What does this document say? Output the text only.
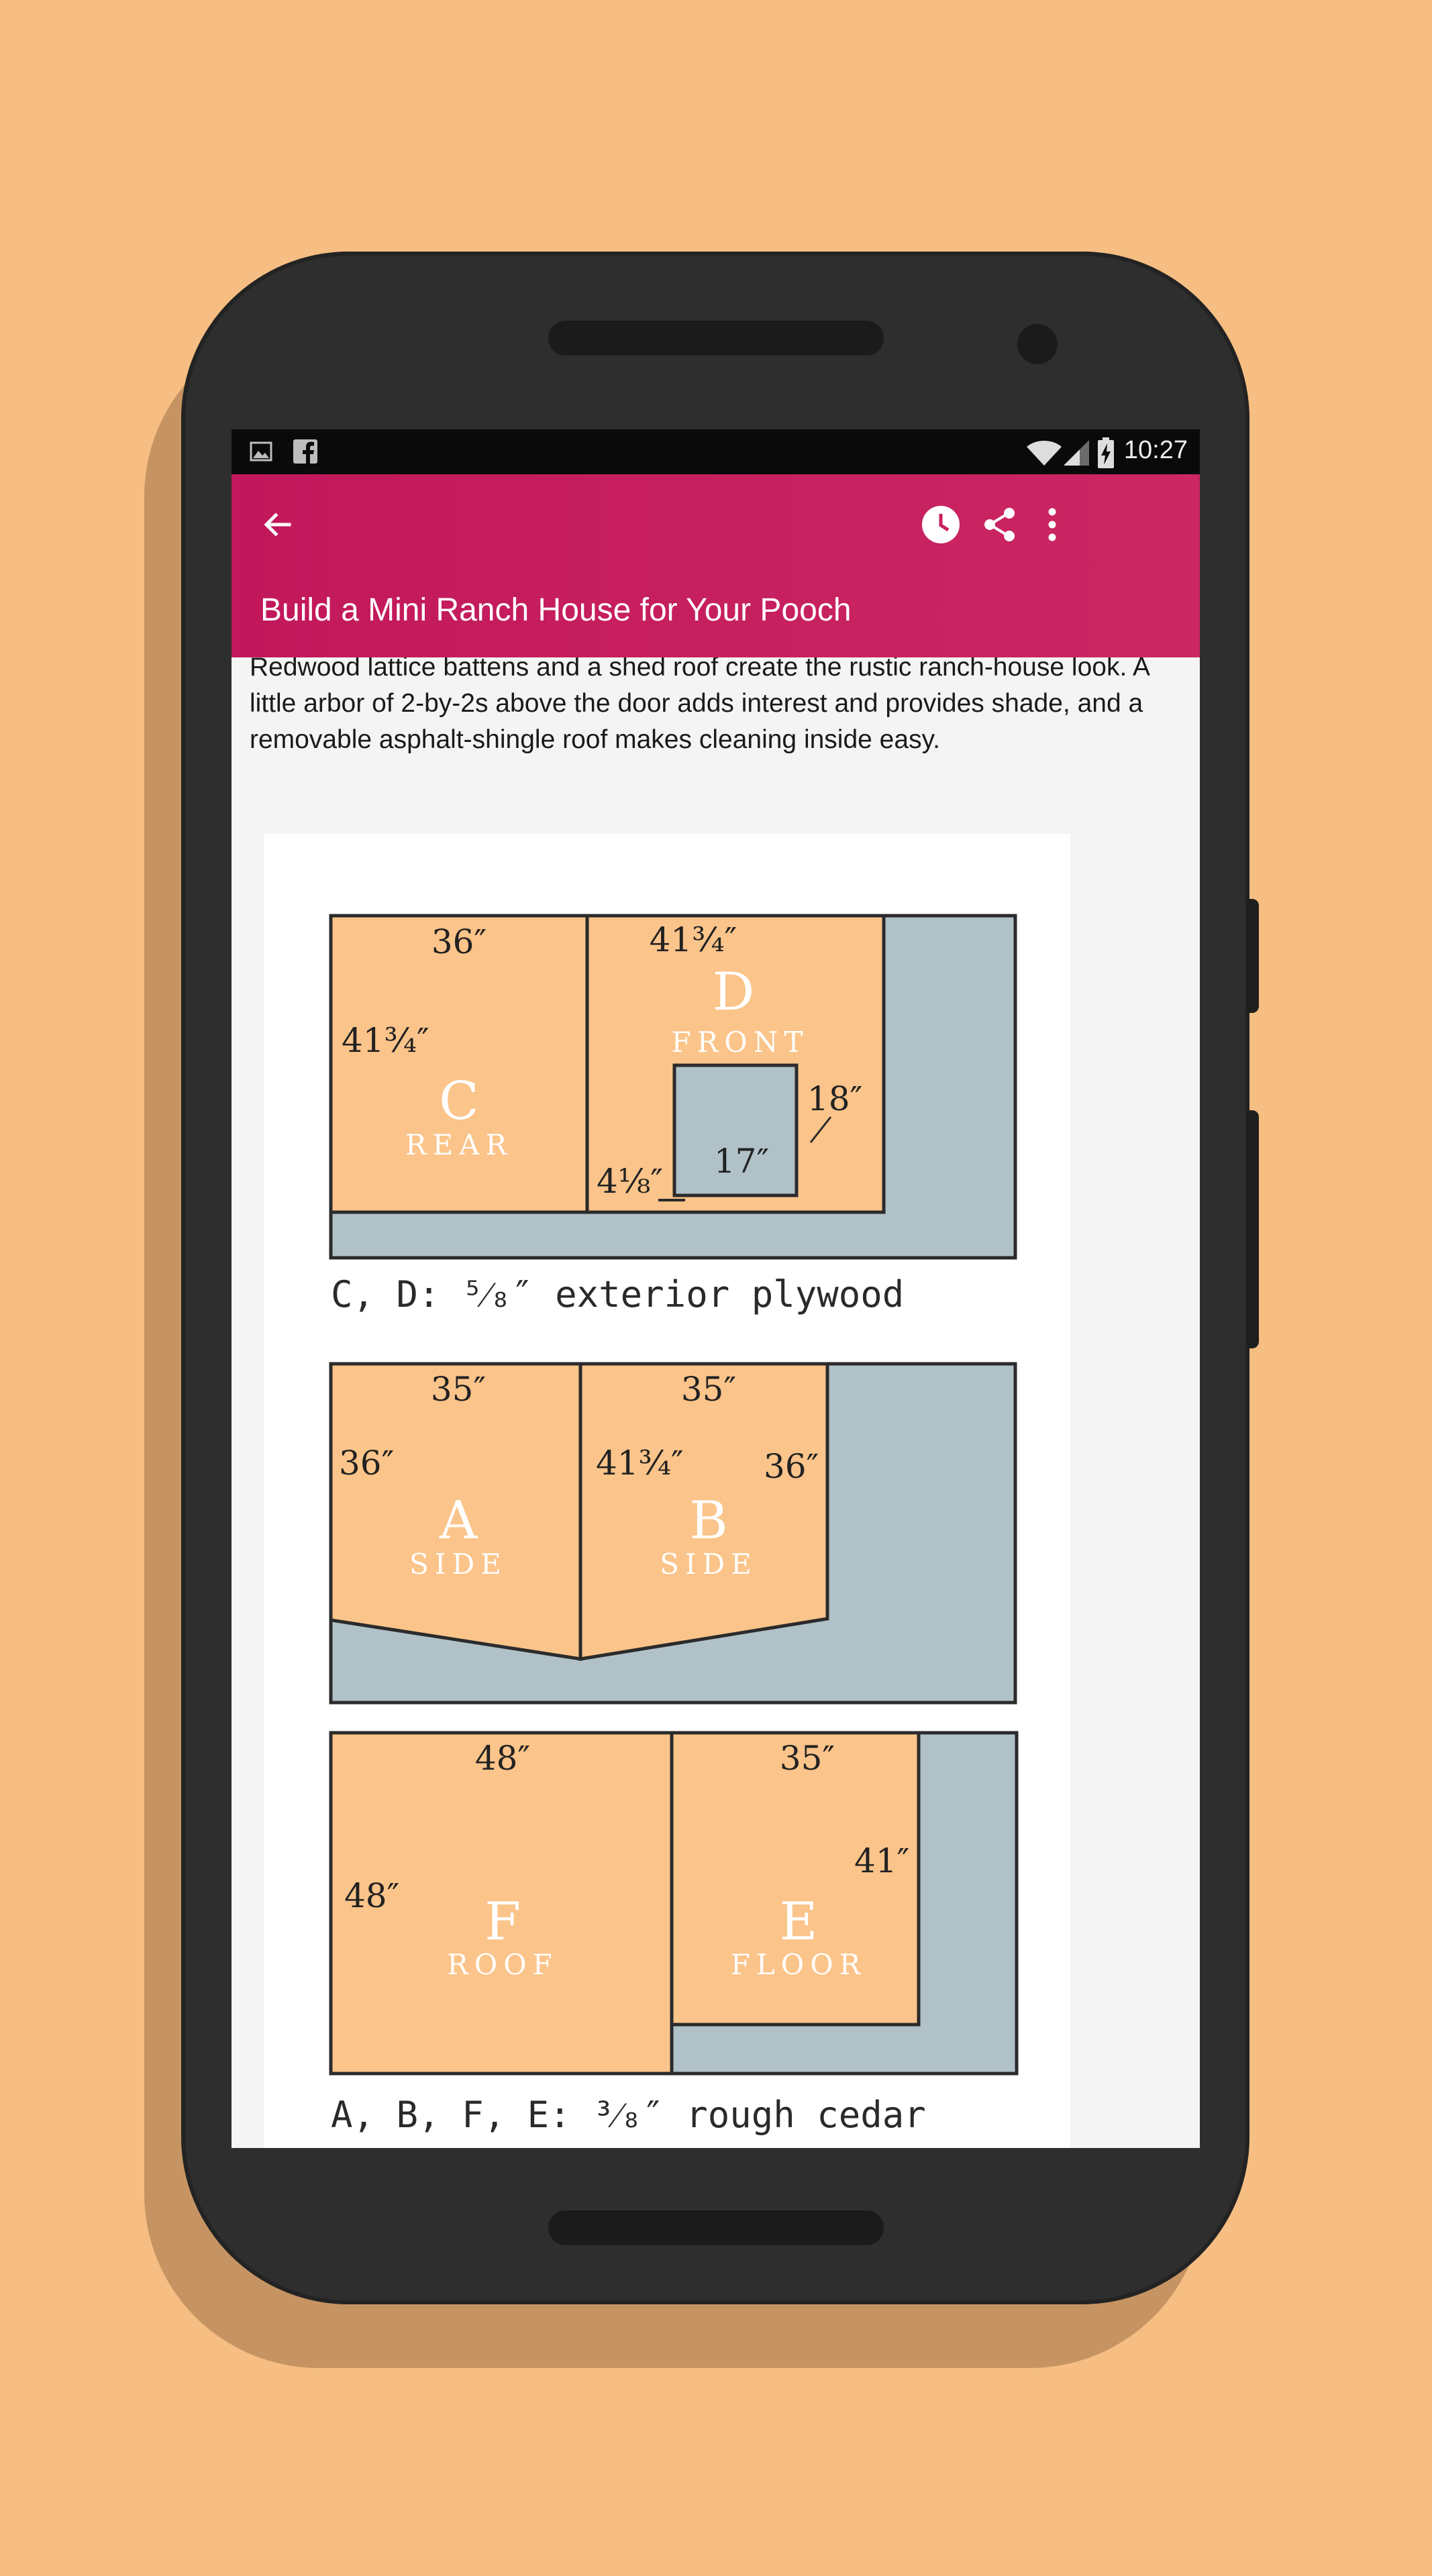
10:27
Build a Mini Ranch House for Your Pooch
Redwood lattice battens and a shed roof create the rustic ranch-house look. A little arbor of 2-by-2s above the door adds interest and provides shade, and a removable asphalt-shingle roof makes cleaning inside easy.
36″
41³⁄₄″
C
REAR
41³⁄₄″
D
FRONT
18″
17″
4¹⁄₈″
C, D: ⁵⁄₈″ exterior plywood
35″
36″
A
SIDE
35″
41³⁄₄″ 36″
B
SIDE
48″
48″ F
ROOF
35″
41″
E
FLOOR
A, B, F, E: ³⁄₈″ rough cedar
